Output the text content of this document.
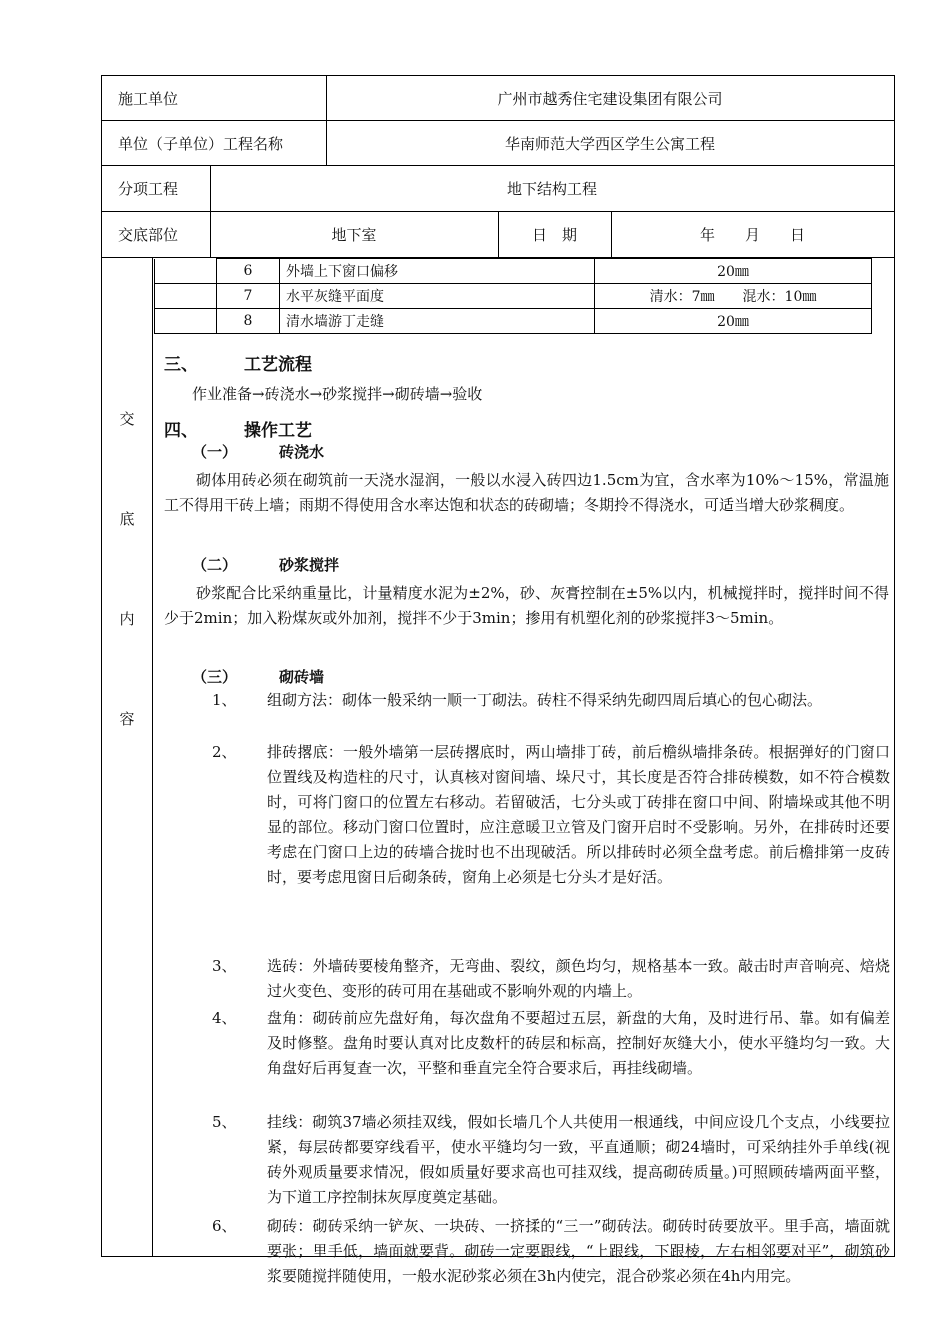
施工单位	广州市越秀住宅建设集团有限公司
单位（子单位）工程名称	华南师范大学西区学生公寓工程
分项工程	地下结构工程
交底部位	地下室	日　期	年　　月　　日
交
底
内
容
	6	外墙上下窗口偏移	20㎜
	7	水平灰缝平面度	清水：7㎜　　混水：10㎜
	8	清水墙游丁走缝	20㎜
三、	工艺流程
作业准备→砖浇水→砂浆搅拌→砌砖墙→验收
四、	操作工艺
（一）	砖浇水
砌体用砖必须在砌筑前一天浇水湿润，一般以水浸入砖四边1.5cm为宜，含水率为10%～15%，常温施工不得用干砖上墙；雨期不得使用含水率达饱和状态的砖砌墙；冬期拎不得浇水，可适当增大砂浆稠度。
（二）	砂浆搅拌
砂浆配合比采纳重量比，计量精度水泥为±2%，砂、灰膏控制在±5%以内，机械搅拌时，搅拌时间不得少于2min；加入粉煤灰或外加剂，搅拌不少于3min；掺用有机塑化剂的砂浆搅拌3～5min。
（三）	砌砖墙
1、	组砌方法：砌体一般采纳一顺一丁砌法。砖柱不得采纳先砌四周后填心的包心砌法。
2、	排砖撂底：一般外墙第一层砖撂底时，两山墙排丁砖，前后檐纵墙排条砖。根据弹好的门窗口位置线及构造柱的尺寸，认真核对窗间墙、垛尺寸，其长度是否符合排砖模数，如不符合模数时，可将门窗口的位置左右移动。若留破活，七分头或丁砖排在窗口中间、附墙垛或其他不明显的部位。移动门窗口位置时，应注意暖卫立管及门窗开启时不受影响。另外，在排砖时还要考虑在门窗口上边的砖墙合拢时也不出现破活。所以排砖时必须全盘考虑。前后檐排第一皮砖时，要考虑甩窗日后砌条砖，窗角上必须是七分头才是好活。
3、	选砖：外墙砖要棱角整齐，无弯曲、裂纹，颜色均匀，规格基本一致。敲击时声音响亮、焙烧过火变色、变形的砖可用在基础或不影响外观的内墙上。
4、	盘角：砌砖前应先盘好角，每次盘角不要超过五层，新盘的大角，及时进行吊、靠。如有偏差及时修整。盘角时要认真对比皮数杆的砖层和标高，控制好灰缝大小，使水平缝均匀一致。大角盘好后再复查一次，平整和垂直完全符合要求后，再挂线砌墙。
5、	挂线：砌筑37墙必须挂双线，假如长墙几个人共使用一根通线，中间应设几个支点，小线要拉紧，每层砖都要穿线看平，使水平缝均匀一致，平直通顺；砌24墙时，可采纳挂外手单线(视砖外观质量要求情况，假如质量好要求高也可挂双线，提高砌砖质量。)可照顾砖墙两面平整，为下道工序控制抹灰厚度奠定基础。
6、	砌砖：砌砖采纳一铲灰、一块砖、一挤揉的“三一”砌砖法。砌砖时砖要放平。里手高，墙面就要张；里手低，墙面就要背。砌砖一定要跟线，“上跟线，下跟棱，左右相邻要对平”，砌筑砂浆要随搅拌随使用，一般水泥砂浆必须在3h内使完，混合砂浆必须在4h内用完。
